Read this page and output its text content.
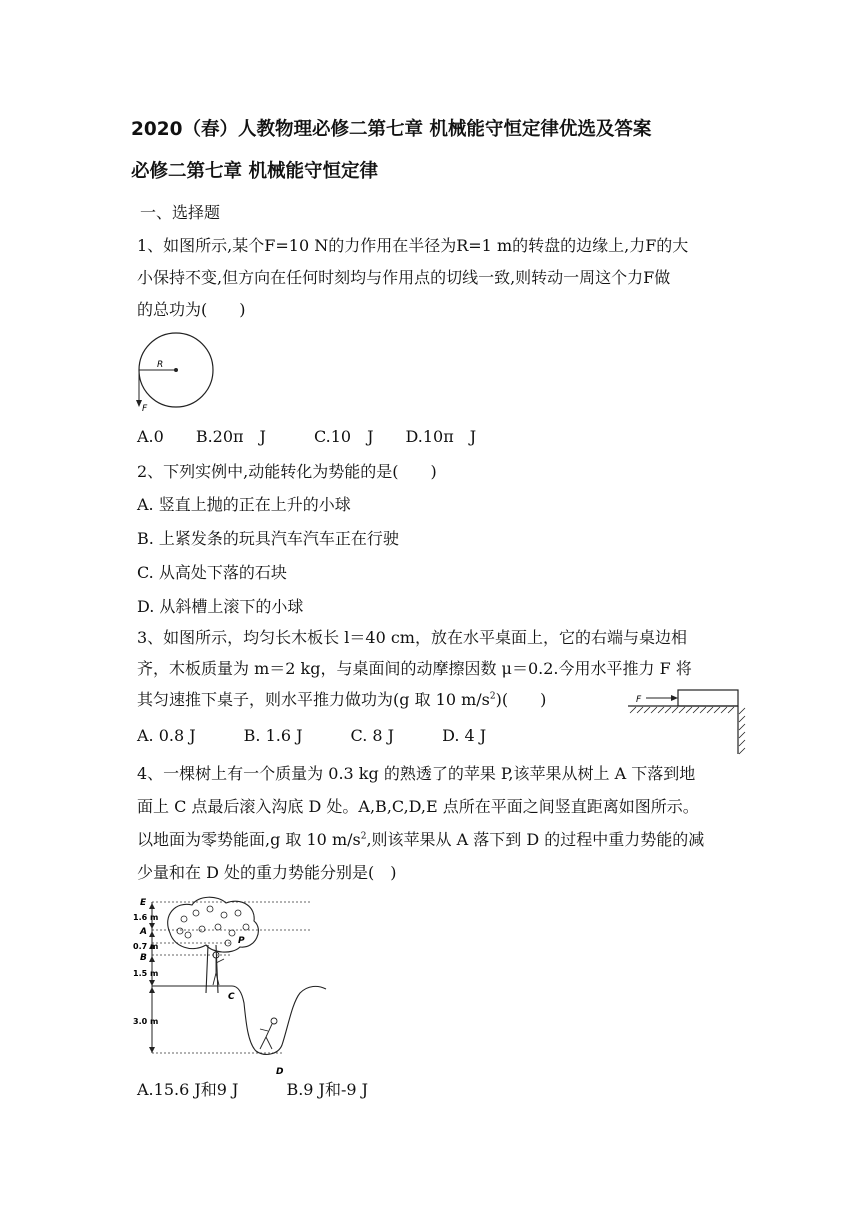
2020（春）人教物理必修二第七章 机械能守恒定律优选及答案
必修二第七章 机械能守恒定律
一、选择题
1、如图所示,某个F=10 N的力作用在半径为R=1 m的转盘的边缘上,力F的大
小保持不变,但方向在任何时刻均与作用点的切线一致,则转动一周这个力F做
的总功为(　　)
R
F
A.0　　B.20π　J　　　C.10　J　　D.10π　J
2、下列实例中,动能转化为势能的是(　　)
A. 竖直上抛的正在上升的小球
B. 上紧发条的玩具汽车汽车正在行驶
C. 从高处下落的石块
D. 从斜槽上滚下的小球
3、如图所示，均匀长木板长 l＝40 cm，放在水平桌面上，它的右端与桌边相
齐，木板质量为 m＝2 kg，与桌面间的动摩擦因数 μ＝0.2.今用水平推力 F 将
其匀速推下桌子，则水平推力做功为(g 取 10 $m/s^2$)(　　)	F
A. 0.8 J　　　B. 1.6 J　　　C. 8 J　　　D. 4 J
4、一棵树上有一个质量为 0.3 kg 的熟透了的苹果 P,该苹果从树上 A 下落到地
面上 C 点最后滚入沟底 D 处。A,B,C,D,E 点所在平面之间竖直距离如图所示。
以地面为零势能面,g 取 10 $m/s^2$,则该苹果从 A 落下到 D 的过程中重力势能的减
少量和在 D 处的重力势能分别是(　)
E
A
B
1.6 m
0.7 m
1.5 m
3.0 m
P
C
D
A.15.6 J和9 J　　　B.9 J和-9 J
